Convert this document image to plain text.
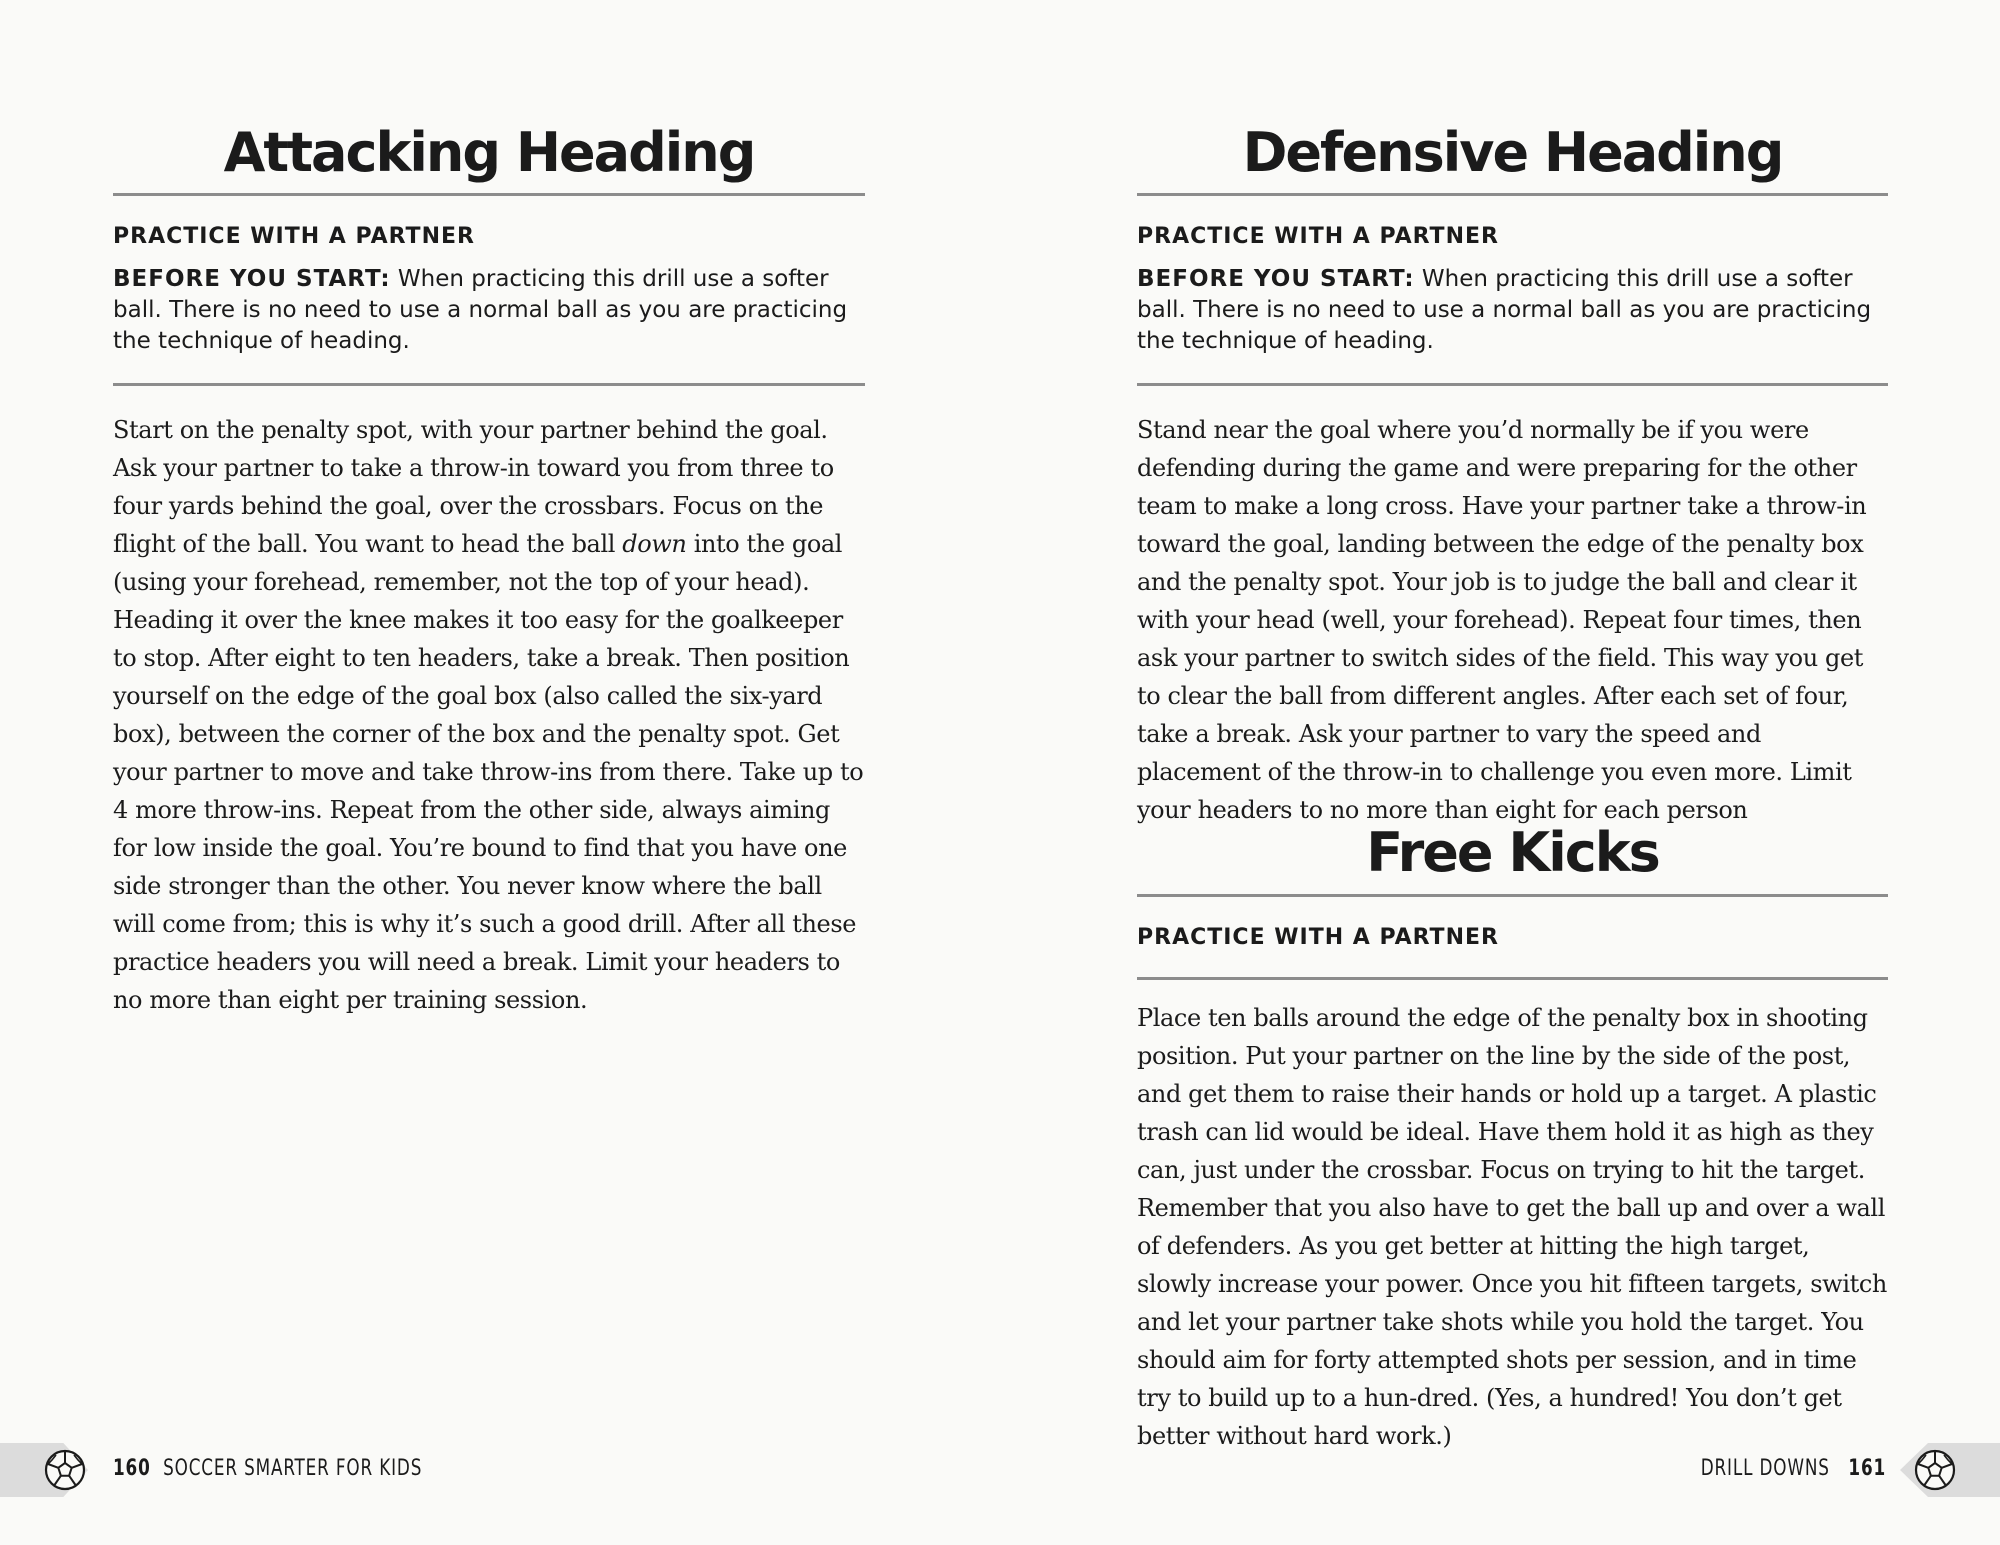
Attacking Heading

PRACTICE WITH A PARTNER

BEFORE YOU START: When practicing this drill use a softer ball. There is no need to use a normal ball as you are practicing the technique of heading.

Start on the penalty spot, with your partner behind the goal. Ask your partner to take a throw-in toward you from three to four yards behind the goal, over the crossbars. Focus on the flight of the ball. You want to head the ball down into the goal (using your forehead, remember, not the top of your head). Heading it over the knee makes it too easy for the goalkeeper to stop. After eight to ten headers, take a break. Then position yourself on the edge of the goal box (also called the six-yard box), between the corner of the box and the penalty spot. Get your partner to move and take throw-ins from there. Take up to 4 more throw-ins. Repeat from the other side, always aiming for low inside the goal. You’re bound to find that you have one side stronger than the other. You never know where the ball will come from; this is why it’s such a good drill. After all these practice headers you will need a break. Limit your headers to no more than eight per training session.

Defensive Heading

PRACTICE WITH A PARTNER

BEFORE YOU START: When practicing this drill use a softer ball. There is no need to use a normal ball as you are practicing the technique of heading.

Stand near the goal where you’d normally be if you were defending during the game and were preparing for the other team to make a long cross. Have your partner take a throw-in toward the goal, landing between the edge of the penalty box and the penalty spot. Your job is to judge the ball and clear it with your head (well, your forehead). Repeat four times, then ask your partner to switch sides of the field. This way you get to clear the ball from different angles. After each set of four, take a break. Ask your partner to vary the speed and placement of the throw-in to challenge you even more. Limit your headers to no more than eight for each person

Free Kicks

PRACTICE WITH A PARTNER

Place ten balls around the edge of the penalty box in shooting position. Put your partner on the line by the side of the post, and get them to raise their hands or hold up a target. A plastic trash can lid would be ideal. Have them hold it as high as they can, just under the crossbar. Focus on trying to hit the target. Remember that you also have to get the ball up and over a wall of defenders. As you get better at hitting the high target, slowly increase your power. Once you hit fifteen targets, switch and let your partner take shots while you hold the target. You should aim for forty attempted shots per session, and in time try to build up to a hun-dred. (Yes, a hundred! You don’t get better without hard work.)

160 SOCCER SMARTER FOR KIDS	DRILL DOWNS 161
